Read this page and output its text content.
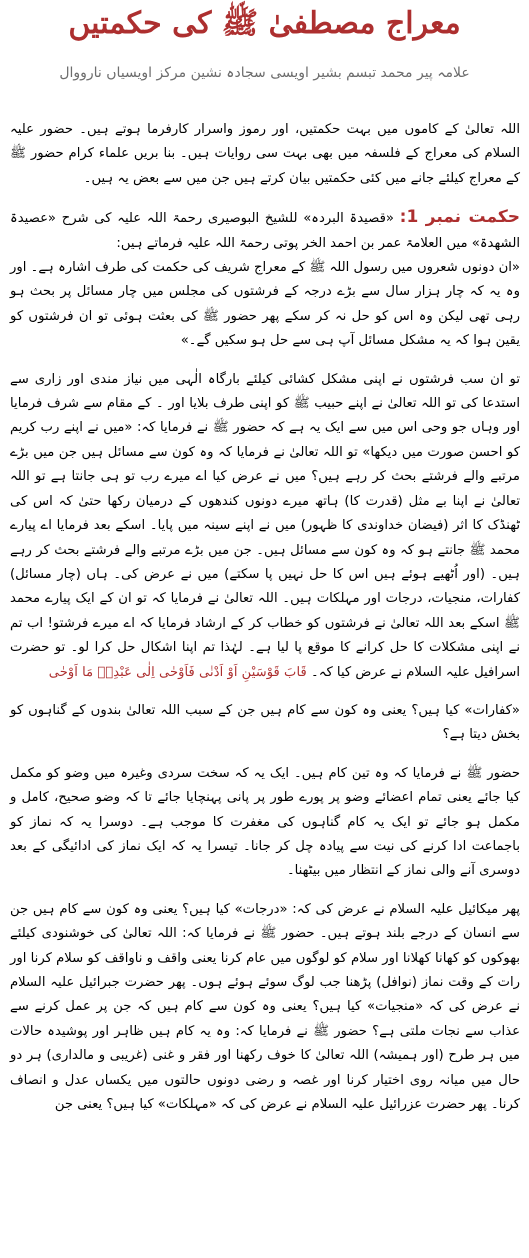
معراج مصطفیٰ ﷺ کی حکمتیں
علامہ پیر محمد تبسم بشیر اویسی سجادہ نشین مرکز اویسیاں نارووال

اللہ تعالیٰ کے کاموں میں بہت حکمتیں، اور رموز واسرار کارفرما ہوتے ہیں۔ حضور علیہ السلام کی معراج کے فلسفہ میں بھی بہت سی روایات ہیں۔ بنا بریں علماء کرام حضور ﷺ کے معراج کیلئے جانے میں کئی حکمتیں بیان کرتے ہیں جن میں سے بعض یہ ہیں۔

حکمت نمبر 1: «قصیدۃ البردہ» للشیخ البوصیری رحمۃ اللہ علیہ کی شرح «عصیدۃ الشھدۃ» میں العلامۃ عمر بن احمد الخر پوتی رحمۃ اللہ علیہ فرماتے ہیں:

«ان دونوں شعروں میں رسول اللہ ﷺ کے معراج شریف کی حکمت کی طرف اشارہ ہے۔ اور وہ یہ کہ چار ہزار سال سے بڑے درجہ کے فرشتوں کی مجلس میں چار مسائل پر بحث ہو رہی تھی لیکن وہ اس کو حل نہ کر سکے پھر حضور ﷺ کی بعثت ہوئی تو ان فرشتوں کو یقین ہوا کہ یہ مشکل مسائل آپ ہی سے حل ہو سکیں گے۔»

تو ان سب فرشتوں نے اپنی مشکل کشائی کیلئے بارگاہ الٰہی میں نیاز مندی اور زاری سے استدعا کی تو اللہ تعالیٰ نے اپنے حبیب ﷺ کو اپنی طرف بلایا اور ۔ کے مقام سے شرف فرمایا اور وہاں جو وحی اس میں سے ایک یہ ہے کہ حضور ﷺ نے فرمایا کہ: «میں نے اپنے رب کریم کو احسن صورت میں دیکھا» تو اللہ تعالیٰ نے فرمایا کہ وہ کون سے مسائل ہیں جن میں بڑے مرتبے والے فرشتے بحث کر رہے ہیں؟ میں نے عرض کیا اے میرے رب تو ہی جانتا ہے تو اللہ تعالیٰ نے اپنا بے مثل (قدرت کا) ہاتھ میرے دونوں کندھوں کے درمیان رکھا حتیٰ کہ اس کی ٹھنڈک کا اثر (فیضان خداوندی کا ظہور) میں نے اپنے سینہ میں پایا۔ اسکے بعد فرمایا اے پیارے محمد ﷺ جانتے ہو کہ وہ کون سے مسائل ہیں۔ جن میں بڑے مرتبے والے فرشتے بحث کر رہے ہیں۔ (اور اُٹھیے ہوئے ہیں اس کا حل نہیں پا سکتے) میں نے عرض کی۔ ہاں (چار مسائل) کفارات، منجیات، درجات اور مہلکات ہیں۔ اللہ تعالیٰ نے فرمایا کہ تو ان کے ایک پیارے محمد ﷺ اسکے بعد اللہ تعالیٰ نے فرشتوں کو خطاب کر کے ارشاد فرمایا کہ اے میرے فرشتو! اب تم نے اپنی مشکلات کا حل کرانے کا موقع پا لیا ہے۔ لہٰذا تم اپنا اشکال حل کرا لو۔ تو حضرت اسرافیل علیہ السلام نے عرض کیا کہ۔ قَابَ قَوْسَيْنِ اَوْ اَدْنٰى فَاَوْحٰى اِلٰى عَبْدِهٖ مَا اَوْحٰى

«کفارات» کیا ہیں؟ یعنی وہ کون سے کام ہیں جن کے سبب اللہ تعالیٰ بندوں کے گناہوں کو بخش دیتا ہے؟

حضور ﷺ نے فرمایا کہ وہ تین کام ہیں۔ ایک یہ کہ سخت سردی وغیرہ میں وضو کو مکمل کیا جائے یعنی تمام اعضائے وضو پر پورے طور پر پانی پہنچایا جائے تا کہ وضو صحیح، کامل و مکمل ہو جائے تو ایک یہ کام گناہوں کی مغفرت کا موجب ہے۔ دوسرا یہ کہ نماز کو باجماعت ادا کرنے کی نیت سے پیادہ چل کر جانا۔ تیسرا یہ کہ ایک نماز کی ادائیگی کے بعد دوسری آنے والی نماز کے انتظار میں بیٹھنا۔

پھر میکائیل علیہ السلام نے عرض کی کہ: «درجات» کیا ہیں؟ یعنی وہ کون سے کام ہیں جن سے انسان کے درجے بلند ہوتے ہیں۔ حضور ﷺ نے فرمایا کہ: اللہ تعالیٰ کی خوشنودی کیلئے بھوکوں کو کھانا کھلانا اور سلام کو لوگوں میں عام کرنا یعنی واقف و ناواقف کو سلام کرنا اور رات کے وقت نماز (نوافل) پڑھنا جب لوگ سوئے ہوئے ہوں۔ پھر حضرت جبرائیل علیہ السلام نے عرض کی کہ «منجیات» کیا ہیں؟ یعنی وہ کون سے کام ہیں کہ جن پر عمل کرنے سے عذاب سے نجات ملتی ہے؟ حضور ﷺ نے فرمایا کہ: وہ یہ کام ہیں ظاہر اور پوشیدہ حالات میں ہر طرح (اور ہمیشہ) اللہ تعالیٰ کا خوف رکھنا اور فقر و غنی (غریبی و مالداری) ہر دو حال میں میانہ روی اختیار کرنا اور غصہ و رضی دونوں حالتوں میں یکساں عدل و انصاف کرنا۔ پھر حضرت عزرائیل علیہ السلام نے عرض کی کہ «مہلکات» کیا ہیں؟ یعنی جن
